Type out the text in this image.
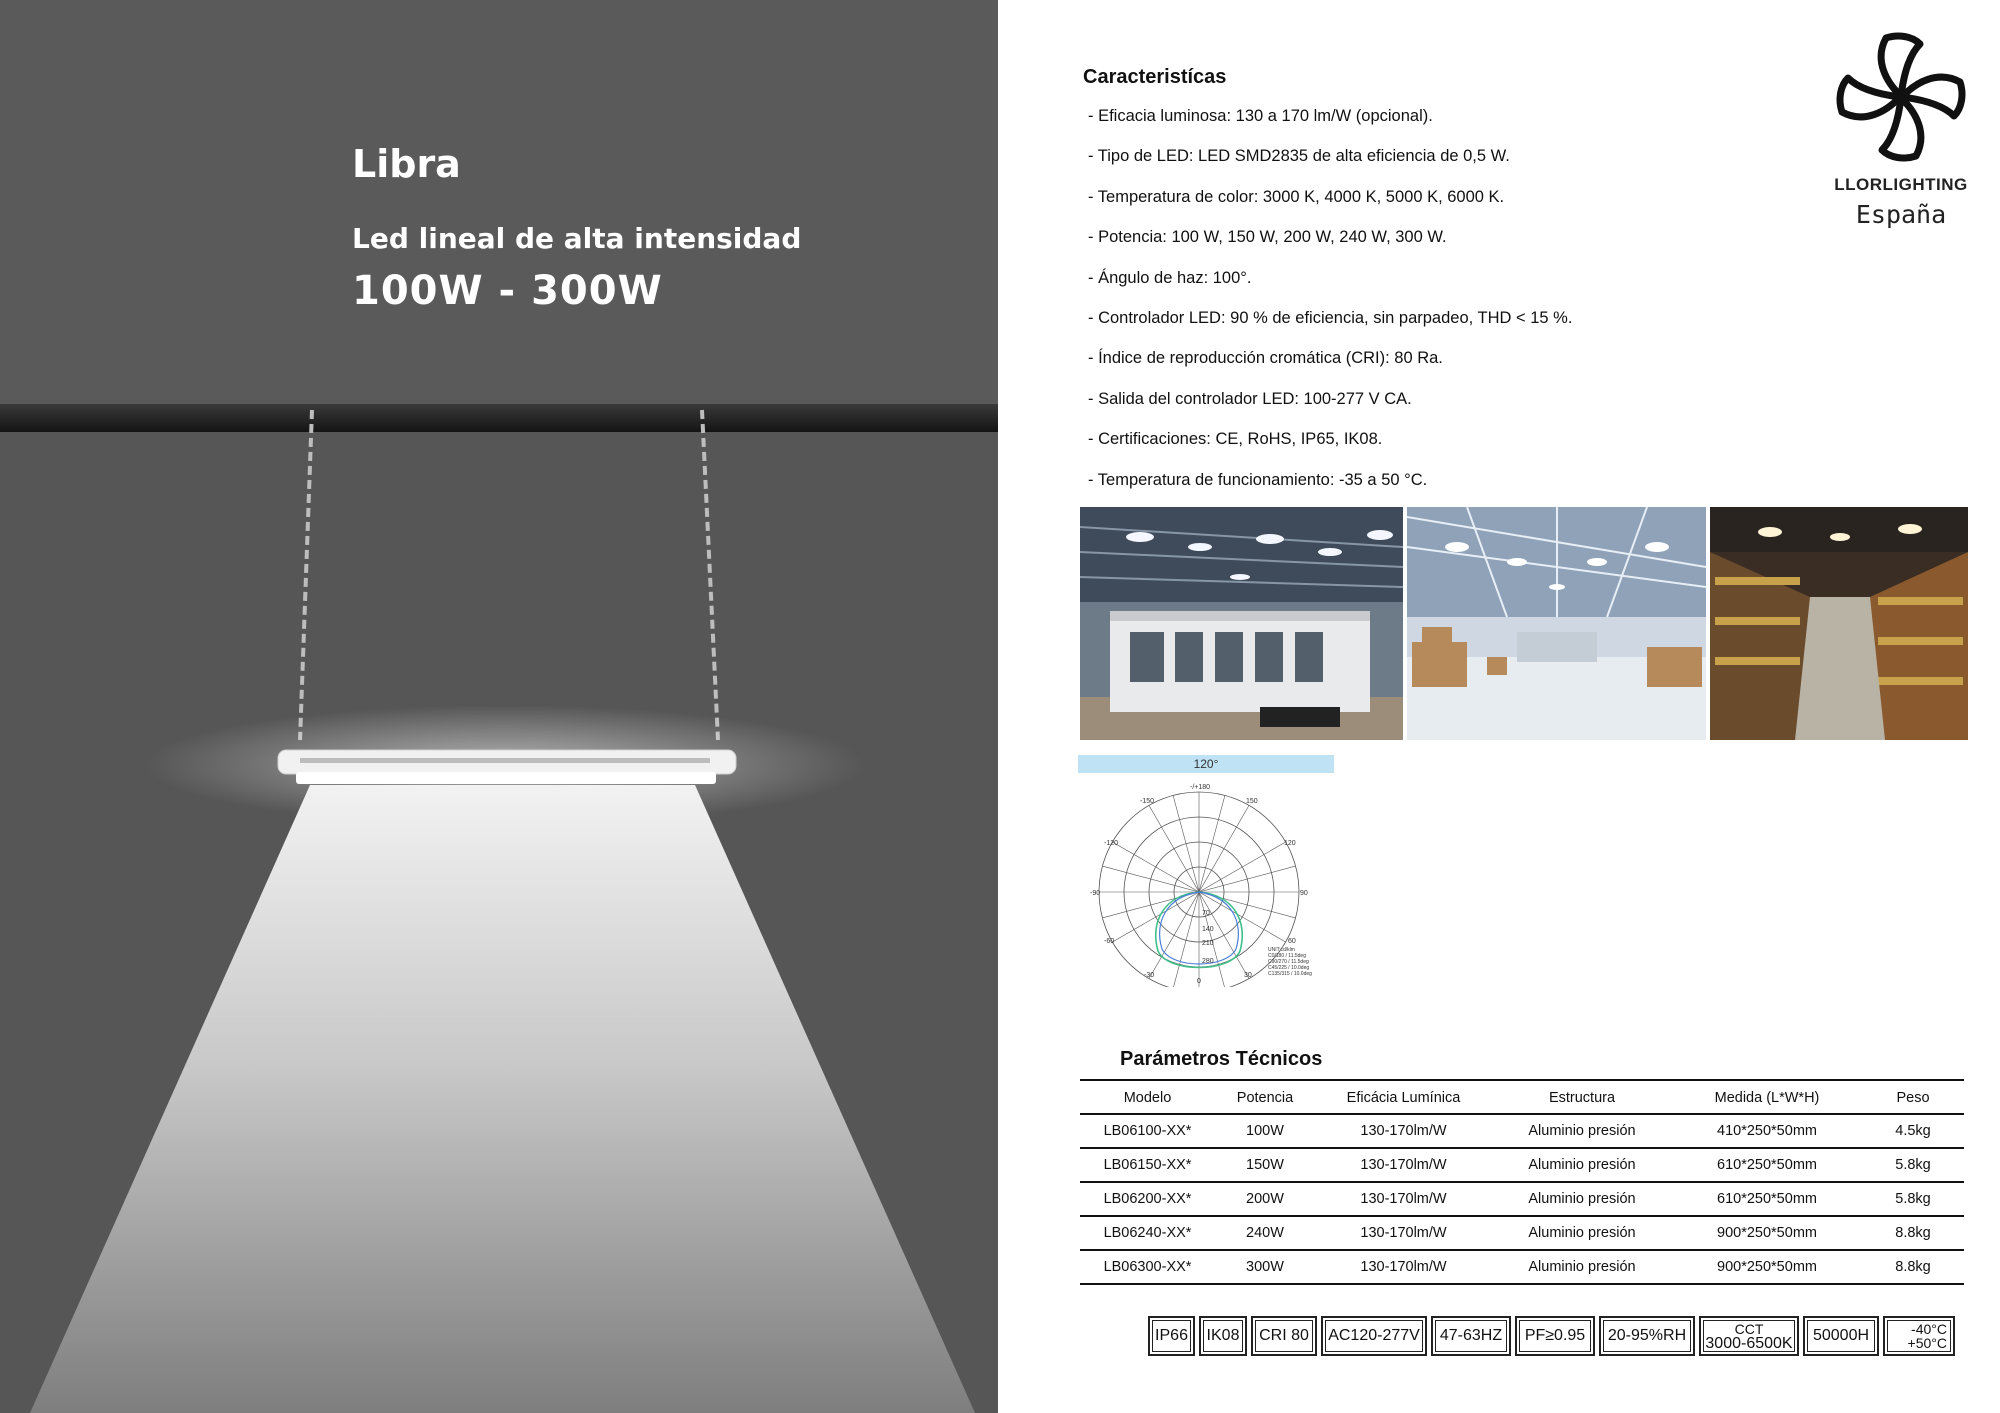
Libra
Led lineal de alta intensidad
100W - 300W
Caracteristícas
- Eficacia luminosa: 130 a 170 lm/W (opcional).
- Tipo de LED: LED SMD2835 de alta eficiencia de 0,5 W.
- Temperatura de color: 3000 K, 4000 K, 5000 K, 6000 K.
- Potencia: 100 W, 150 W, 200 W, 240 W, 300 W.
- Ángulo de haz: 100°.
- Controlador LED: 90 % de eficiencia, sin parpadeo, THD < 15 %.
- Índice de reproducción cromática (CRI): 80 Ra.
- Salida del controlador LED: 100-277 V CA.
- Certificaciones: CE, RoHS, IP65, IK08.
- Temperatura de funcionamiento: -35 a 50 °C.
LLORLIGHTING
España
120°
-/+180
-150	150
-120	120
-90	90
-60	60
-30	30
0
70
140
210
280
UNIT:cd/klm
C0/180 / 11.5deg
C90/270 / 11.5deg
C45/225 / 10.0deg
C135/315 / 10.0deg
Parámetros Técnicos
Modelo	Potencia	Eficácia Lumínica	Estructura	Medida (L*W*H)	Peso
LB06100-XX*	100W	130-170lm/W	Aluminio presión	410*250*50mm	4.5kg
LB06150-XX*	150W	130-170lm/W	Aluminio presión	610*250*50mm	5.8kg
LB06200-XX*	200W	130-170lm/W	Aluminio presión	610*250*50mm	5.8kg
LB06240-XX*	240W	130-170lm/W	Aluminio presión	900*250*50mm	8.8kg
LB06300-XX*	300W	130-170lm/W	Aluminio presión	900*250*50mm	8.8kg
IP66	IK08	CRI 80	AC120-277V	47-63HZ	PF≥0.95	20-95%RH	CCT
3000-6500K	50000H	-40°C
+50°C
